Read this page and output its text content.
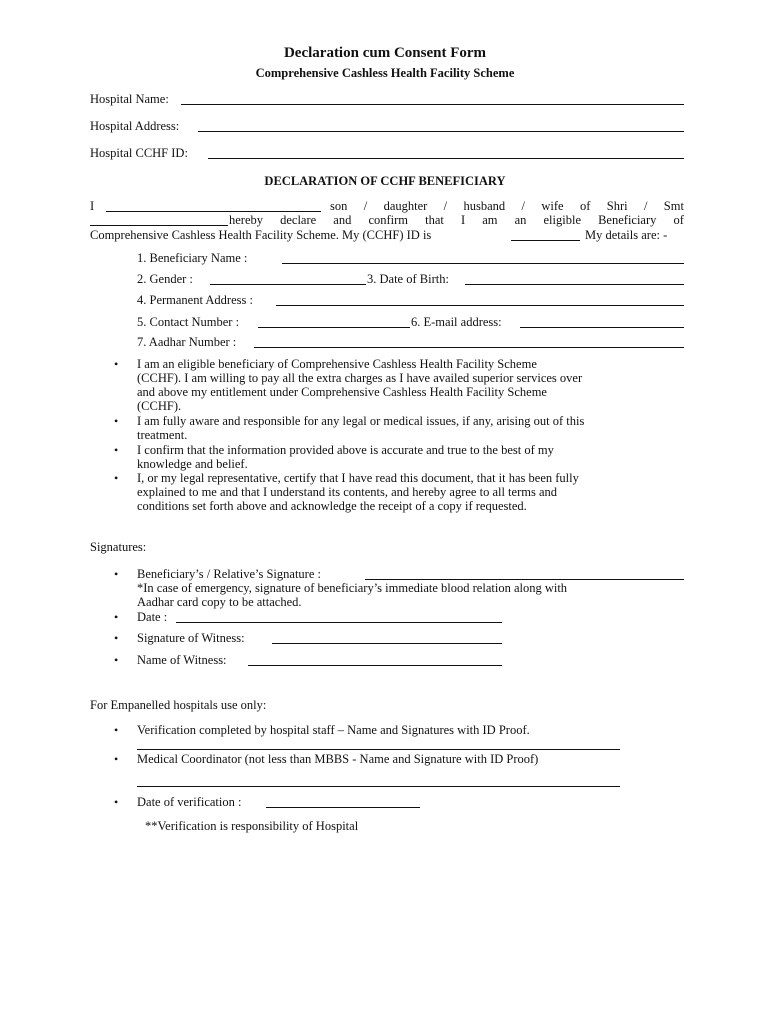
Declaration cum Consent Form
Comprehensive Cashless Health Facility Scheme
Hospital Name:
Hospital Address:
Hospital CCHF ID:
DECLARATION OF CCHF BENEFICIARY
I	son / daughter / husband / wife of Shri / Smt
hereby declare and confirm that I am an eligible Beneficiary of
Comprehensive Cashless Health Facility Scheme. My (CCHF) ID is	My details are: -
1. Beneficiary Name :
2. Gender :	3. Date of Birth:
4. Permanent Address :
5. Contact Number :	6. E-mail address:
7. Aadhar Number :
• I am an eligible beneficiary of Comprehensive Cashless Health Facility Scheme
(CCHF). I am willing to pay all the extra charges as I have availed superior services over
and above my entitlement under Comprehensive Cashless Health Facility Scheme
(CCHF).
• I am fully aware and responsible for any legal or medical issues, if any, arising out of this
treatment.
• I confirm that the information provided above is accurate and true to the best of my
knowledge and belief.
• I, or my legal representative, certify that I have read this document, that it has been fully
explained to me and that I understand its contents, and hereby agree to all terms and
conditions set forth above and acknowledge the receipt of a copy if requested.
Signatures:
• Beneficiary’s / Relative’s Signature :
*In case of emergency, signature of beneficiary’s immediate blood relation along with
Aadhar card copy to be attached.
• Date :
• Signature of Witness:
• Name of Witness:
For Empanelled hospitals use only:
• Verification completed by hospital staff – Name and Signatures with ID Proof.
• Medical Coordinator (not less than MBBS - Name and Signature with ID Proof)
• Date of verification :
**Verification is responsibility of Hospital
